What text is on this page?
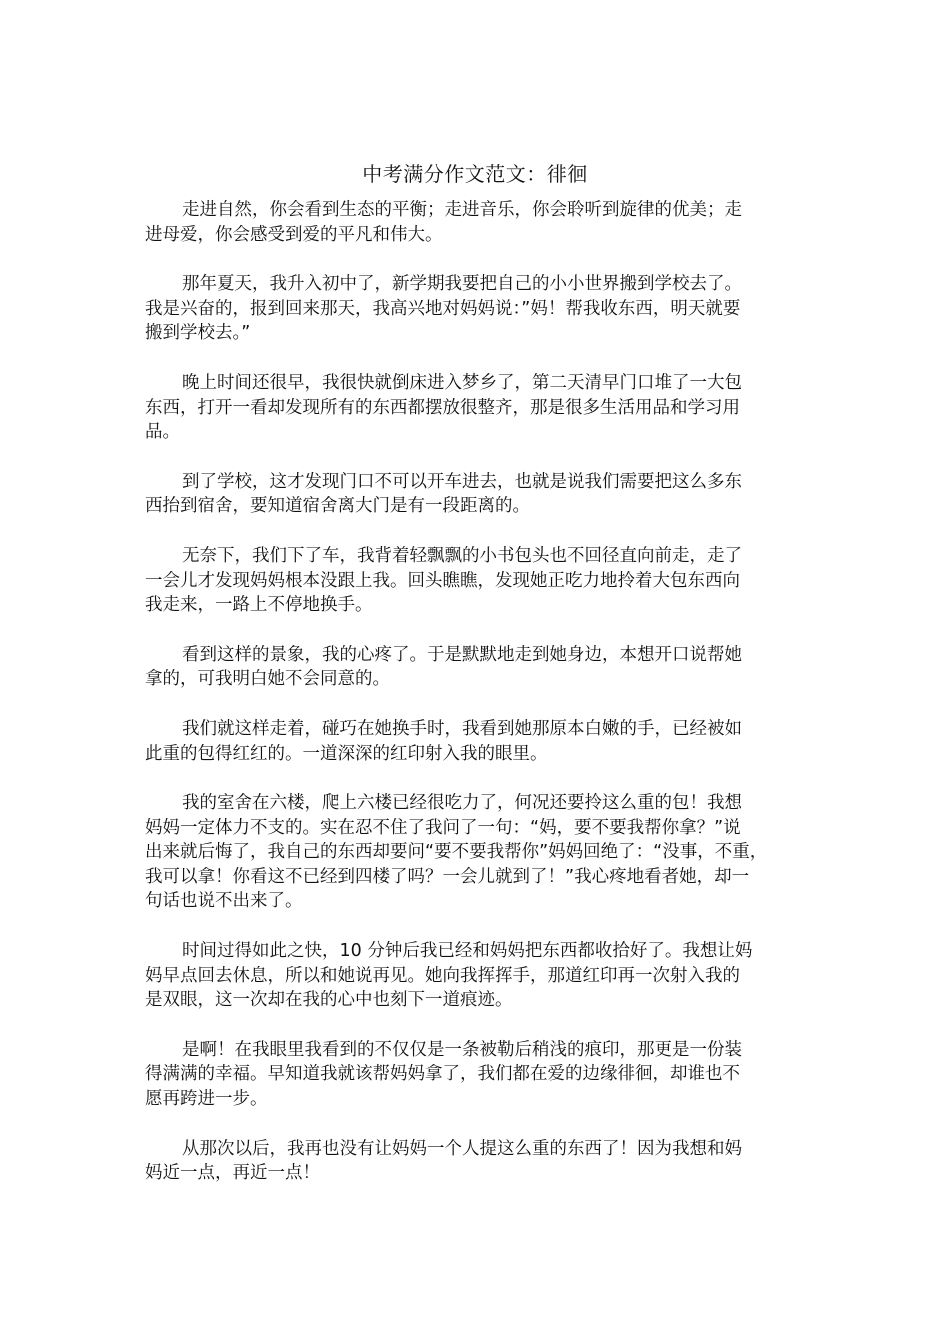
中考满分作文范文：徘徊

走进自然，你会看到生态的平衡；走进音乐，你会聆听到旋律的优美；走
进母爱，你会感受到爱的平凡和伟大。

那年夏天，我升入初中了，新学期我要把自己的小小世界搬到学校去了。
我是兴奋的，报到回来那天，我高兴地对妈妈说：”妈！帮我收东西，明天就要
搬到学校去。”

晚上时间还很早，我很快就倒床进入梦乡了，第二天清早门口堆了一大包
东西，打开一看却发现所有的东西都摆放很整齐，那是很多生活用品和学习用
品。

到了学校，这才发现门口不可以开车进去，也就是说我们需要把这么多东
西抬到宿舍，要知道宿舍离大门是有一段距离的。

无奈下，我们下了车，我背着轻飘飘的小书包头也不回径直向前走，走了
一会儿才发现妈妈根本没跟上我。回头瞧瞧，发现她正吃力地拎着大包东西向
我走来，一路上不停地换手。

看到这样的景象，我的心疼了。于是默默地走到她身边，本想开口说帮她
拿的，可我明白她不会同意的。

我们就这样走着，碰巧在她换手时，我看到她那原本白嫩的手，已经被如
此重的包得红红的。一道深深的红印射入我的眼里。

我的室舍在六楼，爬上六楼已经很吃力了，何况还要拎这么重的包！我想
妈妈一定体力不支的。实在忍不住了我问了一句：“妈，要不要我帮你拿？”说
出来就后悔了，我自己的东西却要问“要不要我帮你”妈妈回绝了：“没事，不重，
我可以拿！你看这不已经到四楼了吗？一会儿就到了！”我心疼地看者她，却一
句话也说不出来了。

时间过得如此之快，10 分钟后我已经和妈妈把东西都收拾好了。我想让妈
妈早点回去休息，所以和她说再见。她向我挥挥手，那道红印再一次射入我的
是双眼，这一次却在我的心中也刻下一道痕迹。

是啊！在我眼里我看到的不仅仅是一条被勒后稍浅的痕印，那更是一份装
得满满的幸福。早知道我就该帮妈妈拿了，我们都在爱的边缘徘徊，却谁也不
愿再跨进一步。

从那次以后，我再也没有让妈妈一个人提这么重的东西了！因为我想和妈
妈近一点，再近一点！
